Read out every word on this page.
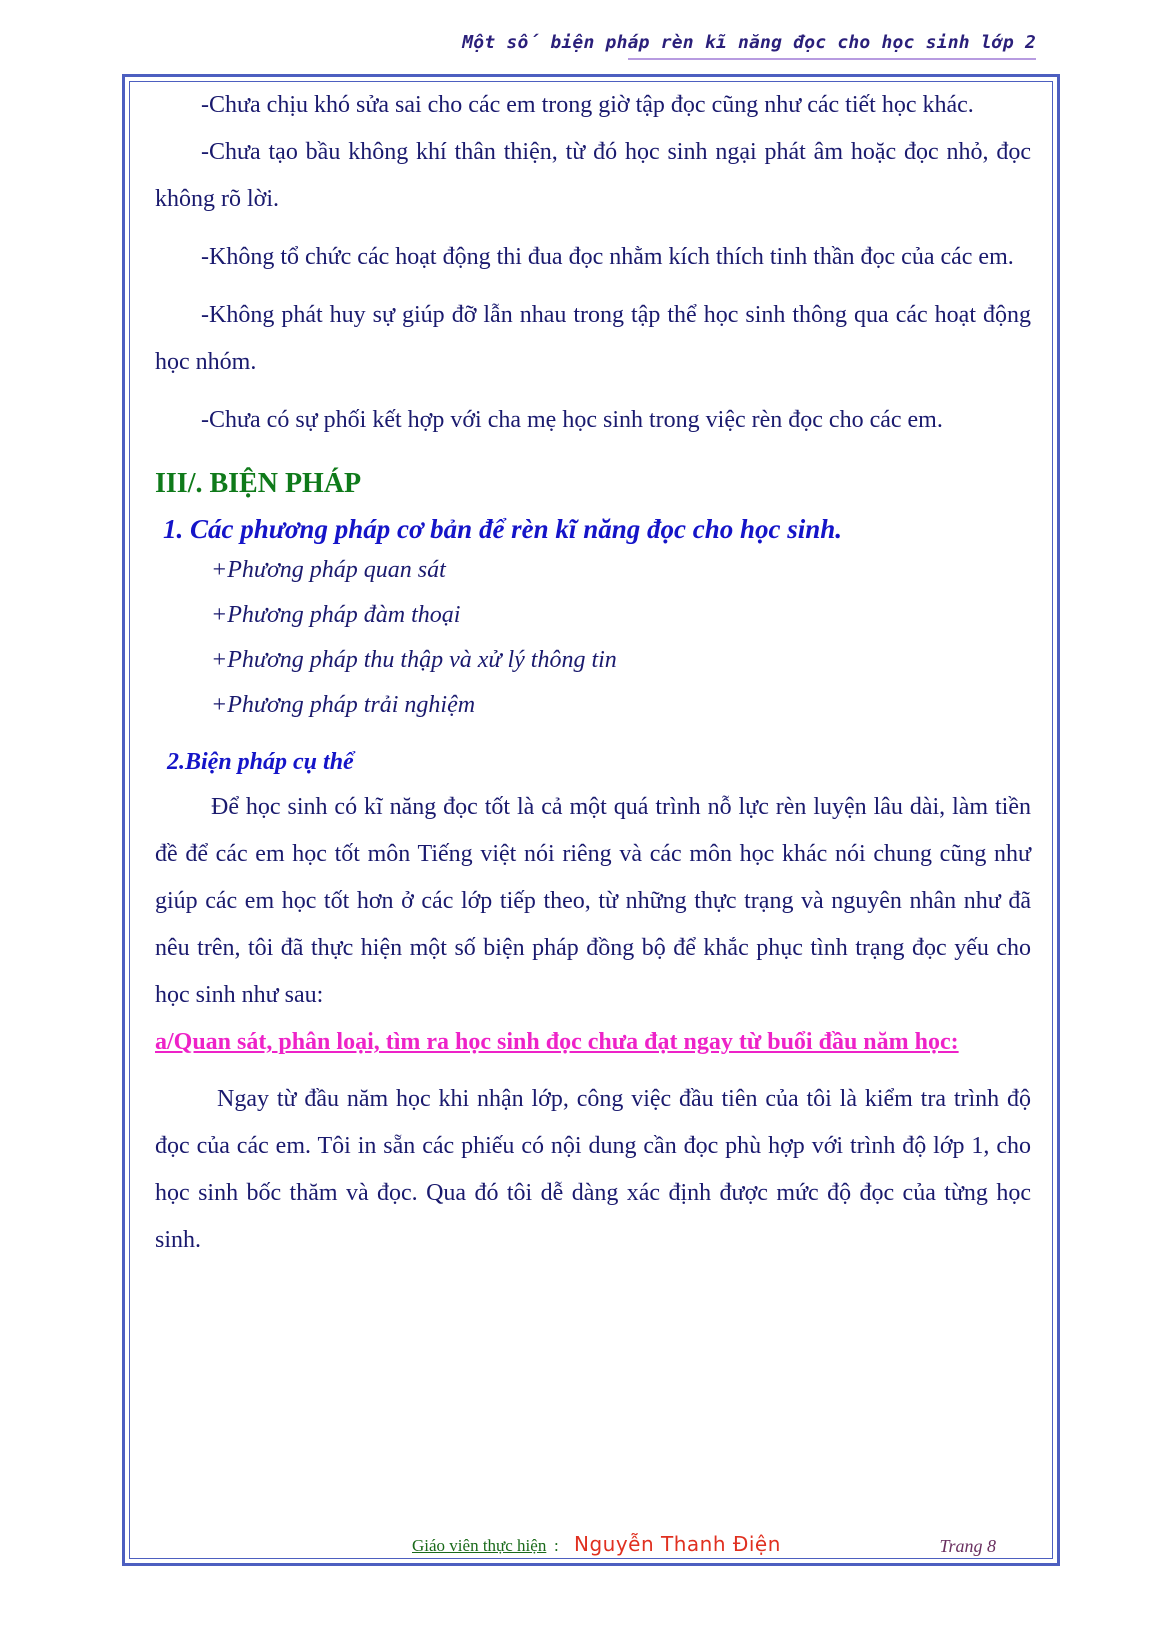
Một số biện pháp rèn kĩ năng đọc cho học sinh lớp 2

-Chưa chịu khó sửa sai cho các em trong giờ tập đọc cũng như các tiết học khác.

-Chưa tạo bầu không khí thân thiện, từ đó học sinh ngại phát âm hoặc đọc nhỏ, đọc không rõ lời.

-Không tổ chức các hoạt động thi đua đọc nhằm kích thích tinh thần đọc của các em.

-Không phát huy sự giúp đỡ lẫn nhau trong tập thể học sinh thông qua các hoạt động học nhóm.

-Chưa có sự phối kết hợp với cha mẹ học sinh trong việc rèn đọc cho các em.

III/. BIỆN PHÁP
1. Các phương pháp cơ bản để rèn kĩ năng đọc cho học sinh.
+Phương pháp quan sát
+Phương pháp đàm thoại
+Phương pháp thu thập và xử lý thông tin
+Phương pháp trải nghiệm
2.Biện pháp cụ thể

Để học sinh có kĩ năng đọc tốt là cả một quá trình nỗ lực rèn luyện lâu dài, làm tiền đề để các em học tốt môn Tiếng việt nói riêng và các môn học khác nói chung cũng như giúp các em học tốt hơn ở các lớp tiếp theo, từ những thực trạng và nguyên nhân như đã nêu trên, tôi đã thực hiện một số biện pháp đồng bộ để khắc phục tình trạng đọc yếu cho học sinh như sau:

a/Quan sát, phân loại, tìm ra học sinh đọc chưa đạt ngay từ buổi đầu năm học:

Ngay từ đầu năm học khi nhận lớp, công việc đầu tiên của tôi là kiểm tra trình độ đọc của các em. Tôi in sẵn các phiếu có nội dung cần đọc phù hợp với trình độ lớp 1, cho học sinh bốc thăm và đọc. Qua đó tôi dễ dàng xác định được mức độ đọc của từng học sinh.

Giáo viên thực hiện : Nguyễn Thanh Điện	Trang 8
